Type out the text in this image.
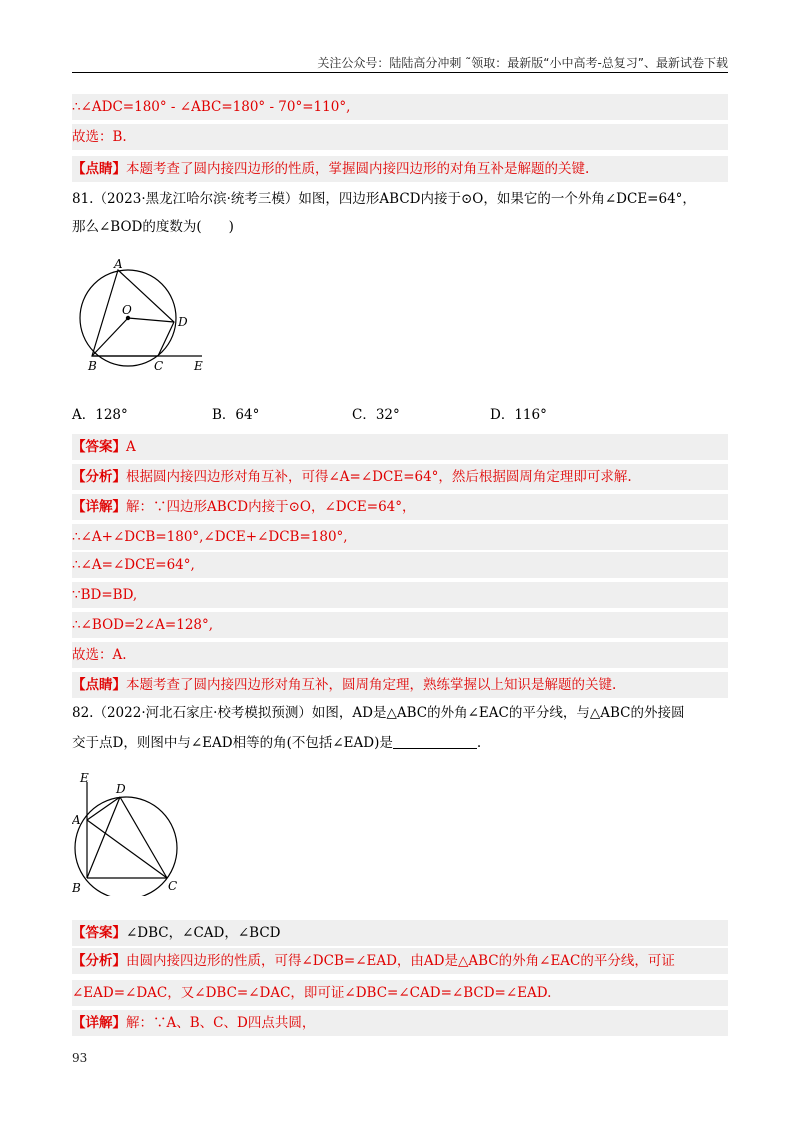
关注公众号：陆陆高分冲刺 ˜领取：最新版“小中高考-总复习”、最新试卷下载
∴∠ADC=180° - ∠ABC=180° - 70°=110°,
故选：B.
【点睛】本题考查了圆内接四边形的性质，掌握圆内接四边形的对角互补是解题的关键.
81.（2023·黑龙江哈尔滨·统考三模）如图，四边形ABCD内接于⊙O，如果它的一个外角∠DCE=64°，
那么∠BOD的度数为(　　)
A
O
D
B	C	E
A．128°	B．64°	C．32°	D．116°
【答案】A
【分析】根据圆内接四边形对角互补，可得∠A=∠DCE=64°，然后根据圆周角定理即可求解.
【详解】解：∵四边形ABCD内接于⊙O，∠DCE=64°，
∴∠A+∠DCB=180°,∠DCE+∠DCB=180°,
∴∠A=∠DCE=64°,
∵BD=BD,
∴∠BOD=2∠A=128°,
故选：A.
【点睛】本题考查了圆内接四边形对角互补，圆周角定理，熟练掌握以上知识是解题的关键.
82.（2022·河北石家庄·校考模拟预测）如图，AD是△ABC的外角∠EAC的平分线，与△ABC的外接圆
交于点D，则图中与∠EAD相等的角(不包括∠EAD)是	.
E
D
A
B	C
【答案】∠DBC，∠CAD，∠BCD
【分析】由圆内接四边形的性质，可得∠DCB=∠EAD，由AD是△ABC的外角∠EAC的平分线，可证
∠EAD=∠DAC，又∠DBC=∠DAC，即可证∠DBC=∠CAD=∠BCD=∠EAD.
【详解】解：∵A、B、C、D四点共圆，
93
